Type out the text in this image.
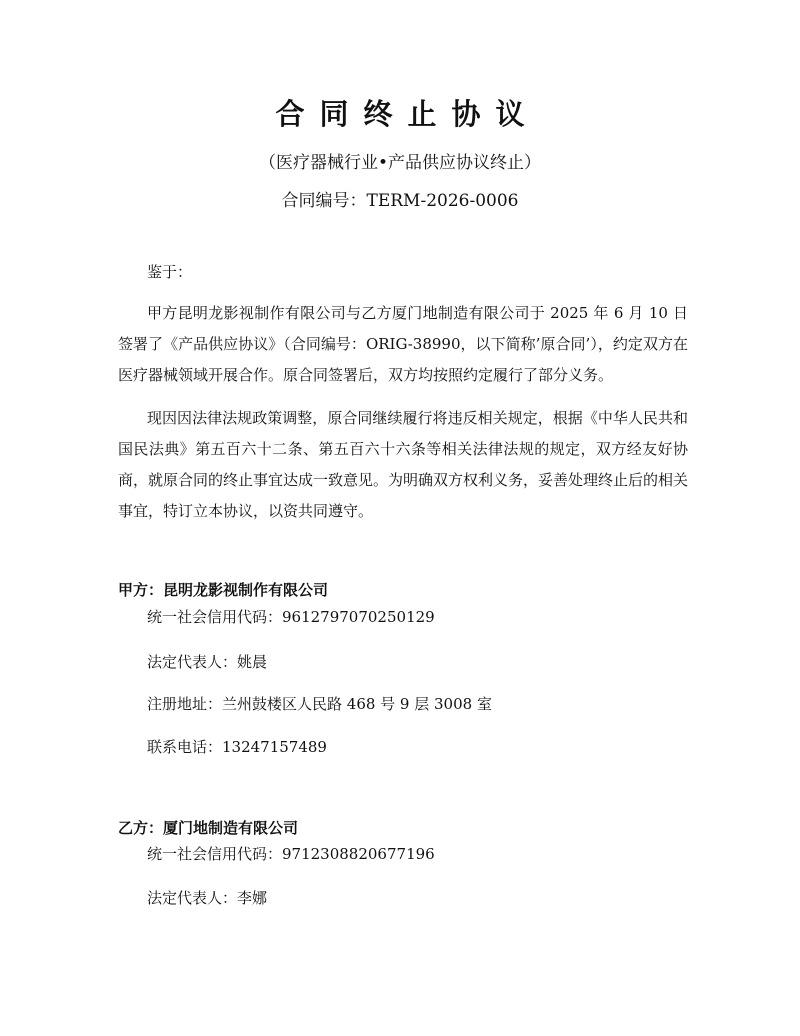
合同终止协议
（医疗器械行业•产品供应协议终止）
合同编号：TERM-2026-0006
鉴于：
甲方昆明龙影视制作有限公司与乙方厦门地制造有限公司于 2025 年 6 月 10 日签署了《产品供应协议》（合同编号：ORIG-38990，以下简称’原合同’），约定双方在医疗器械领域开展合作。原合同签署后，双方均按照约定履行了部分义务。
现因因法律法规政策调整，原合同继续履行将违反相关规定，根据《中华人民共和国民法典》第五百六十二条、第五百六十六条等相关法律法规的规定，双方经友好协商，就原合同的终止事宜达成一致意见。为明确双方权利义务，妥善处理终止后的相关事宜，特订立本协议，以资共同遵守。
甲方：昆明龙影视制作有限公司
统一社会信用代码：9612797070250129
法定代表人：姚晨
注册地址：兰州鼓楼区人民路 468 号 9 层 3008 室
联系电话：13247157489
乙方：厦门地制造有限公司
统一社会信用代码：9712308820677196
法定代表人：李娜
